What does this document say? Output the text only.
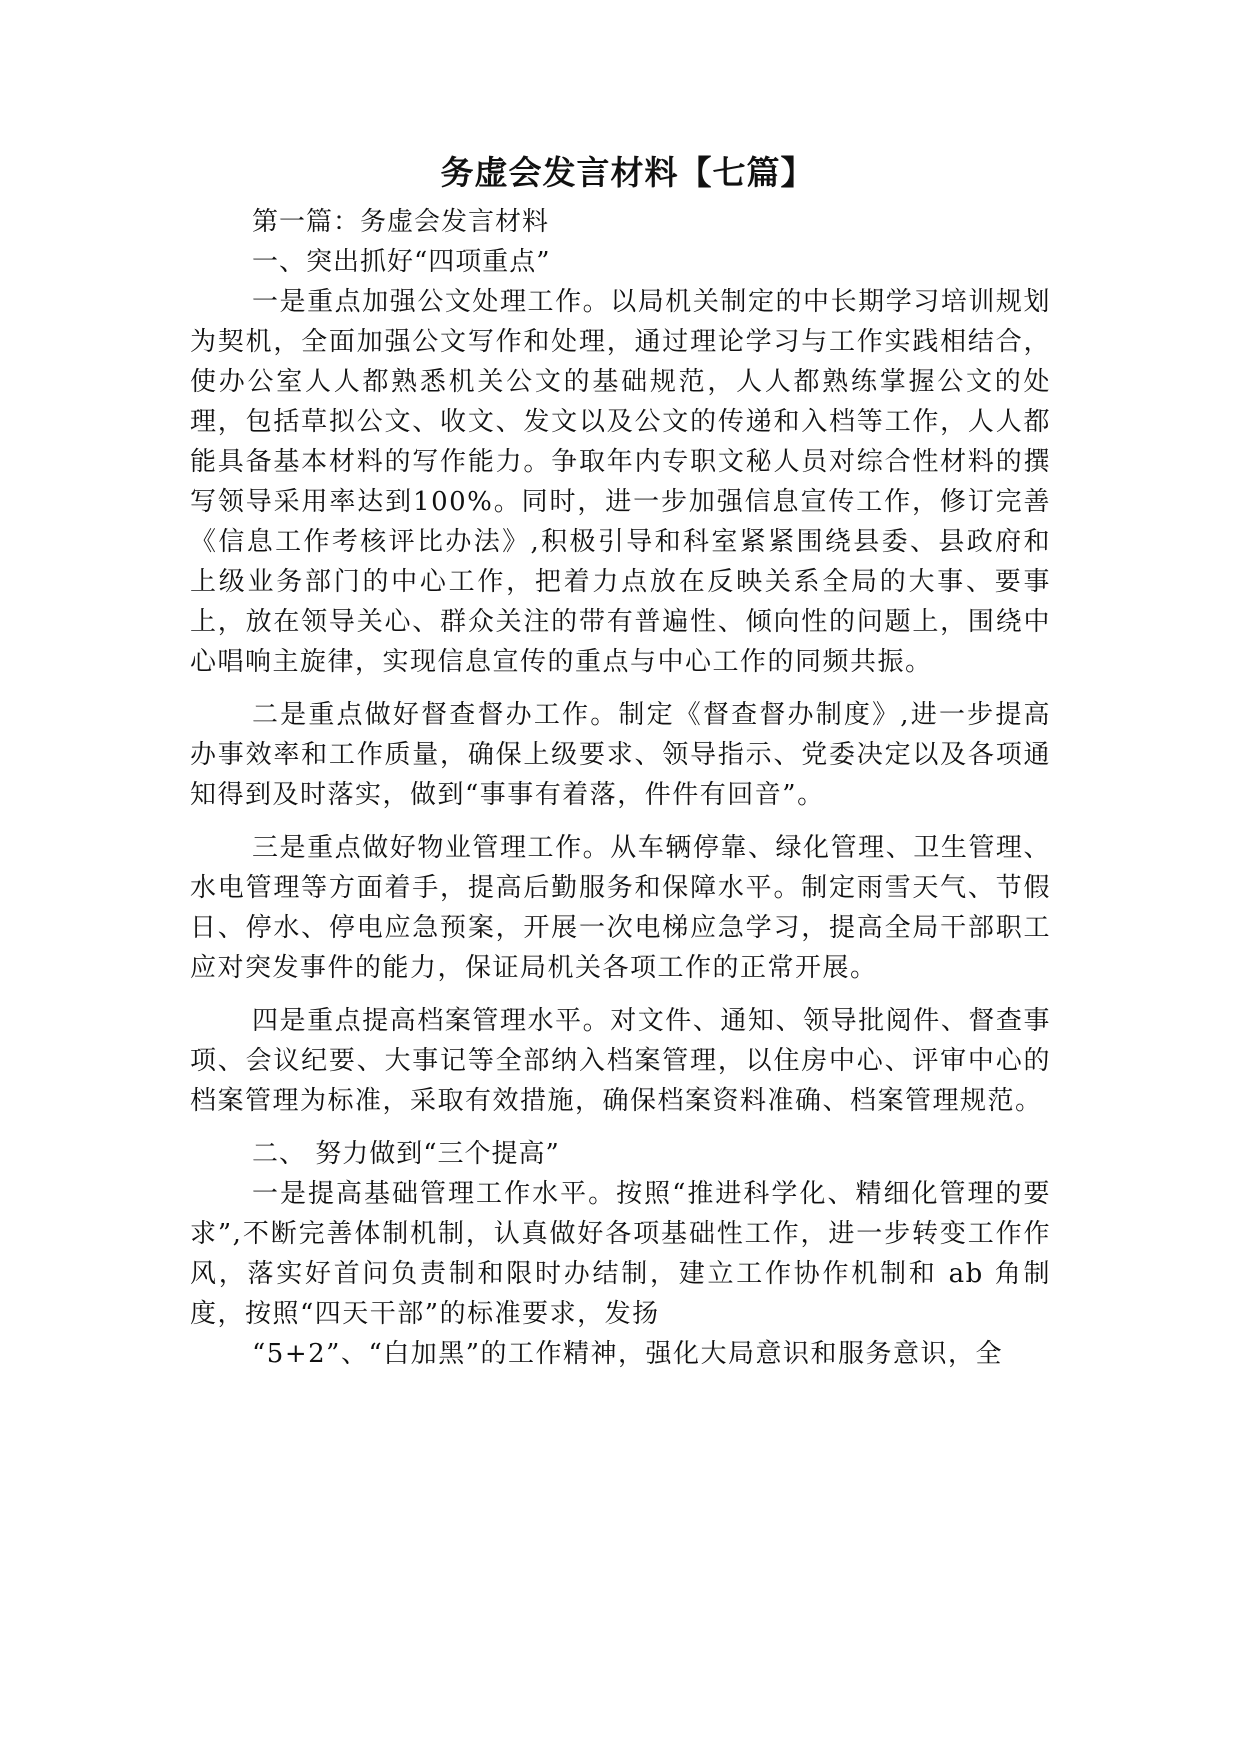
务虚会发言材料【七篇】

第一篇：务虚会发言材料

一、突出抓好“四项重点”

一是重点加强公文处理工作。以局机关制定的中长期学习培训规划为契机，全面加强公文写作和处理，通过理论学习与工作实践相结合，使办公室人人都熟悉机关公文的基础规范，人人都熟练掌握公文的处理，包括草拟公文、收文、发文以及公文的传递和入档等工作，人人都能具备基本材料的写作能力。争取年内专职文秘人员对综合性材料的撰写领导采用率达到100%。同时，进一步加强信息宣传工作，修订完善《信息工作考核评比办法》,积极引导和科室紧紧围绕县委、县政府和上级业务部门的中心工作，把着力点放在反映关系全局的大事、要事上，放在领导关心、群众关注的带有普遍性、倾向性的问题上，围绕中心唱响主旋律，实现信息宣传的重点与中心工作的同频共振。

二是重点做好督查督办工作。制定《督查督办制度》,进一步提高办事效率和工作质量，确保上级要求、领导指示、党委决定以及各项通知得到及时落实，做到“事事有着落，件件有回音”。

三是重点做好物业管理工作。从车辆停靠、绿化管理、卫生管理、水电管理等方面着手，提高后勤服务和保障水平。制定雨雪天气、节假日、停水、停电应急预案，开展一次电梯应急学习，提高全局干部职工应对突发事件的能力，保证局机关各项工作的正常开展。

四是重点提高档案管理水平。对文件、通知、领导批阅件、督查事项、会议纪要、大事记等全部纳入档案管理，以住房中心、评审中心的档案管理为标准，采取有效措施，确保档案资料准确、档案管理规范。

二、 努力做到“三个提高”

一是提高基础管理工作水平。按照“推进科学化、精细化管理的要求”,不断完善体制机制，认真做好各项基础性工作，进一步转变工作作风，落实好首问负责制和限时办结制，建立工作协作机制和 ab 角制度，按照“四天干部”的标准要求，发扬

“5+2”、“白加黑”的工作精神，强化大局意识和服务意识，全
